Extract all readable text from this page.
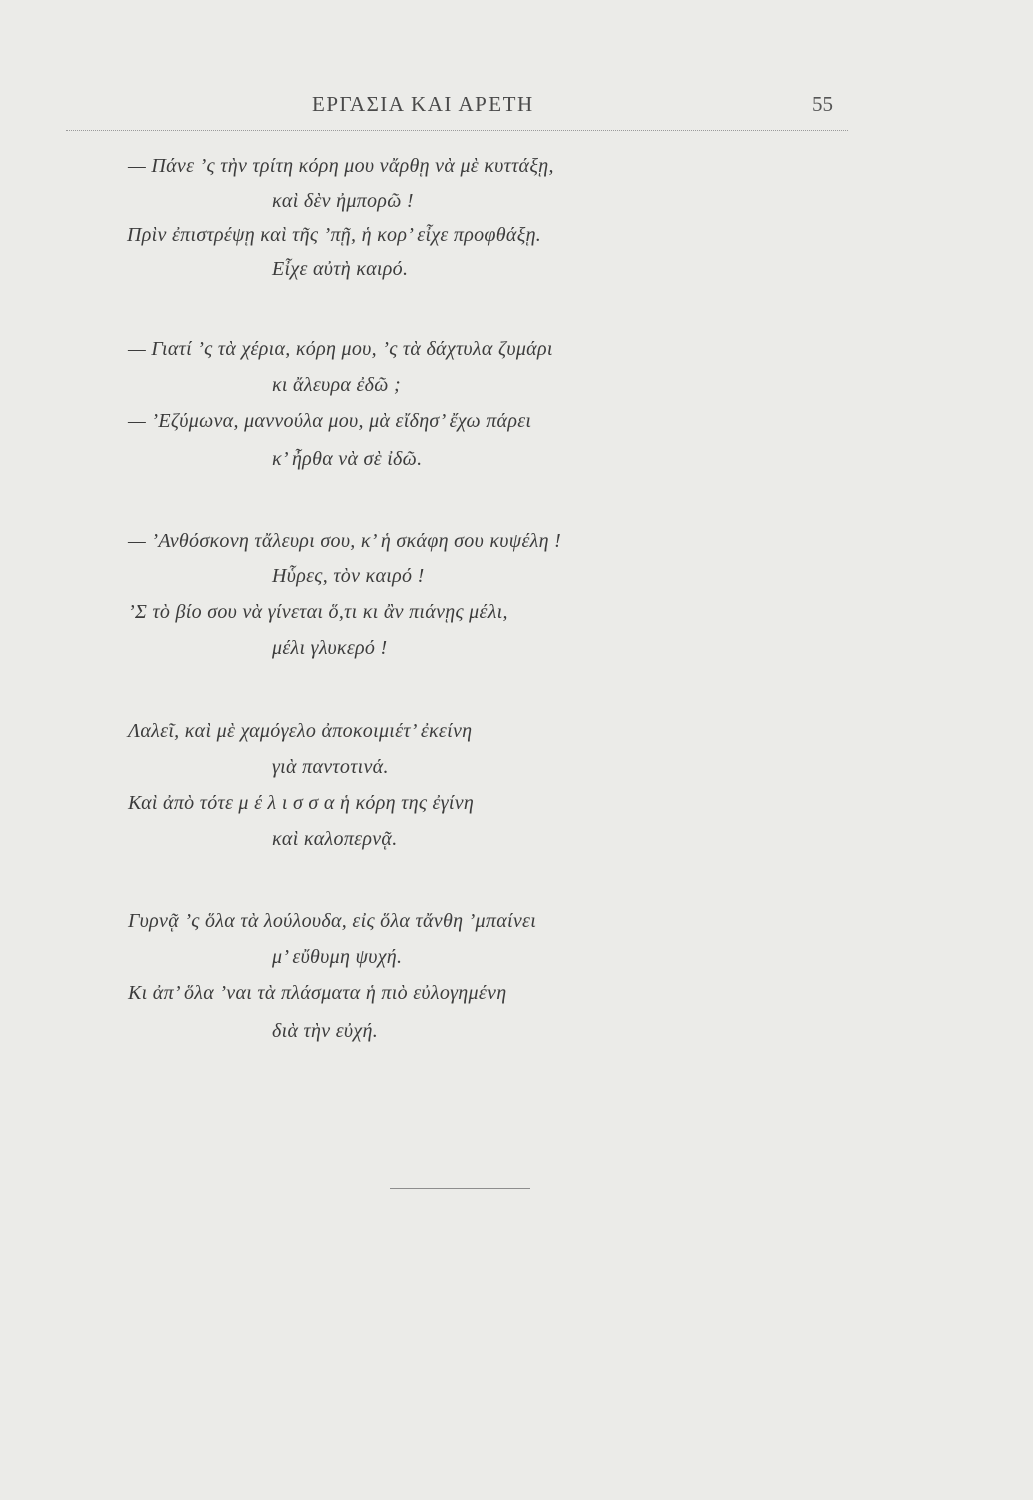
ΕΡΓΑΣΙΑ ΚΑΙ ΑΡΕΤΗ	55
— Πάνε ’ς τὴν τρίτη κόρη μου νἄρθῃ νὰ μὲ κυττάξῃ,
καὶ δὲν ἠμπορῶ !
Πρὶν ἐπιστρέψῃ καὶ τῆς ’πῇ, ἡ κορ’ εἶχε προφθάξῃ.
Εἶχε αὐτὴ καιρό.
— Γιατί ’ς τὰ χέρια, κόρη μου, ’ς τὰ δάχτυλα ζυμάρι
κι ἄλευρα ἐδῶ ;
— ’Εζύμωνα, μαννούλα μου, μὰ εἴδησ’ ἔχω πάρει
κ’ ἦρθα νὰ σὲ ἰδῶ.
— ’Ανθόσκονη τἄλευρι σου, κ’ ἡ σκάφη σου κυψέλη !
Ηὗρες, τὸν καιρό !
’Σ τὸ βίο σου νὰ γίνεται ὅ,τι κι ἂν πιάνῃς μέλι,
μέλι γλυκερό !
Λαλεῖ, καὶ μὲ χαμόγελο ἀποκοιμιέτ’ ἐκείνη
γιὰ παντοτινά.
Καὶ ἀπὸ τότε μ έ λ ι σ σ α ἡ κόρη της ἐγίνη
καὶ καλοπερνᾷ.
Γυρνᾷ ’ς ὅλα τὰ λούλουδα, εἰς ὅλα τἄνθη ’μπαίνει
μ’ εὔθυμη ψυχή.
Κι ἀπ’ ὅλα ’ναι τὰ πλάσματα ἡ πιὸ εὐλογημένη
διὰ τὴν εὐχή.
